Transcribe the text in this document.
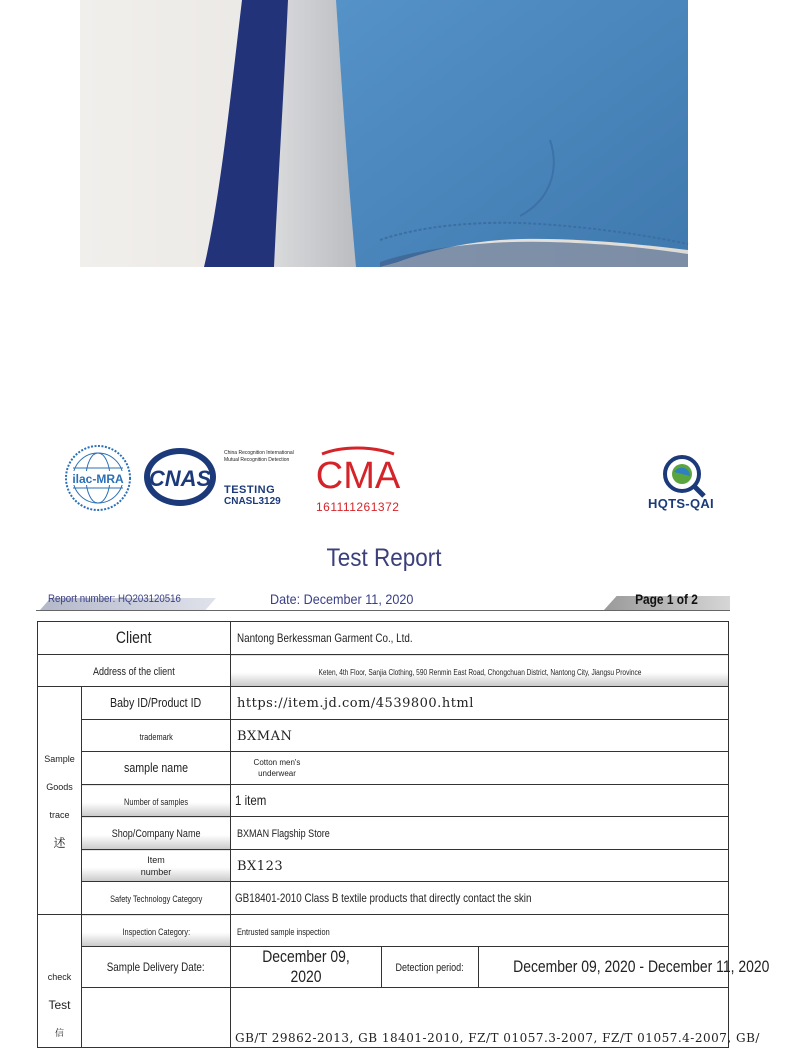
ilac-MRA CNAS
China Recognition International Mutual Recognition Detection
TESTING
CNASL3129
CMA
161111261372	HQTS-QAI
Test Report
Report number: HQ203120516	Date: December 11, 2020	Page 1 of 2
Client		Nantong Berkessman Garment Co., Ltd.		
Address of the client		Keten, 4th Floor, Sanjia Clothing, 590 Renmin East Road, Chongchuan District, Nantong City, Jiangsu Province		

Sample
Goods
trace
述	Baby ID/Product ID	https://item.jd.com/4539800.html		
	trademark	BXMAN		
	sample name	Cotton men's underwear		

	Number of samples	1 item		
	Shop/Company Name	BXMAN Flagship Store		

	Item number	BX123		
	Safety Technology Category	GB18401-2010 Class B textile products that directly contact the skin		

check
Test
信	Inspection Category:	Entrusted sample inspection		
	Sample Delivery Date:	December 09, 2020	Detection period:	December 09, 2020 - December 11, 2020
		GB/T 29862-2013, GB 18401-2010, FZ/T 01057.3-2007, FZ/T 01057.4-2007, GB/		
